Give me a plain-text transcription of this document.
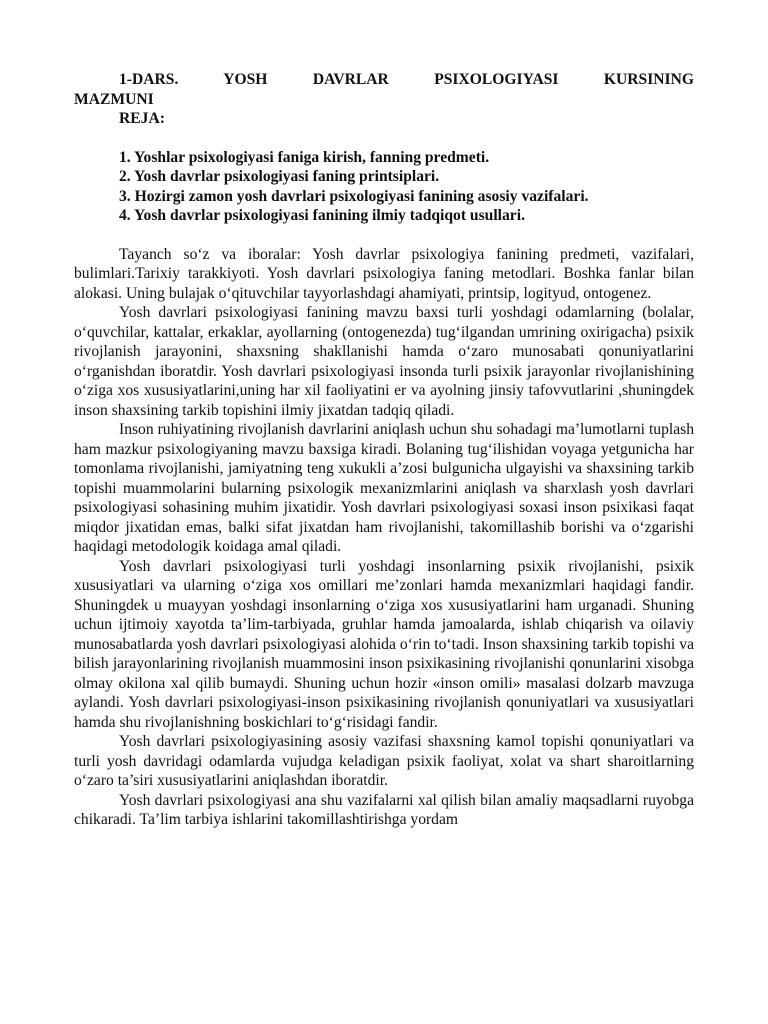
1-DARS. YOSH DAVRLAR PSIXOLOGIYASI KURSINING

MAZMUNI

REJA:

1. Yoshlar psixologiyasi faniga kirish, fanning predmeti.
2. Yosh davrlar psixologiyasi faning printsiplari.
3. Hozirgi zamon yosh davrlari psixologiyasi fanining asosiy vazifalari.
4. Yosh davrlar psixologiyasi fanining ilmiy tadqiqot usullari.

Tayanch so‘z va iboralar: Yosh davrlar psixologiya fanining predmeti, vazifalari, bulimlari.Tarixiy tarakkiyoti. Yosh davrlari psixologiya faning metodlari. Boshka fanlar bilan alokasi. Uning bulajak o‘qituvchilar tayyorlashdagi ahamiyati, printsip, logityud, ontogenez.

Yosh davrlari psixologiyasi fanining mavzu baxsi turli yoshdagi odamlarning (bolalar, o‘quvchilar, kattalar, erkaklar, ayollarning (ontogenezda) tug‘ilgandan umrining oxirigacha) psixik rivojlanish jarayonini, shaxsning shakllanishi hamda o‘zaro munosabati qonuniyatlarini o‘rganishdan iboratdir. Yosh davrlari psixologiyasi insonda turli psixik jarayonlar rivojlanishining o‘ziga xos xususiyatlarini,uning har xil faoliyatini er va ayolning jinsiy tafovvutlarini ,shuningdek inson shaxsining tarkib topishini ilmiy jixatdan tadqiq qiladi.

Inson ruhiyatining rivojlanish davrlarini aniqlash uchun shu sohadagi ma’lumotlarni tuplash ham mazkur psixologiyaning mavzu baxsiga kiradi. Bolaning tug‘ilishidan voyaga yetgunicha har tomonlama rivojlanishi, jamiyatning teng xukukli a’zosi bulgunicha ulgayishi va shaxsining tarkib topishi muammolarini bularning psixologik mexanizmlarini aniqlash va sharxlash yosh davrlari psixologiyasi sohasining muhim jixatidir. Yosh davrlari psixologiyasi soxasi inson psixikasi faqat miqdor jixatidan emas, balki sifat jixatdan ham rivojlanishi, takomillashib borishi va o‘zgarishi haqidagi metodologik koidaga amal qiladi.

Yosh davrlari psixologiyasi turli yoshdagi insonlarning psixik rivojlanishi, psixik xususiyatlari va ularning o‘ziga xos omillari me’zonlari hamda mexanizmlari haqidagi fandir. Shuningdek u muayyan yoshdagi insonlarning o‘ziga xos xususiyatlarini ham urganadi. Shuning uchun ijtimoiy xayotda ta’lim-tarbiyada, gruhlar hamda jamoalarda, ishlab chiqarish va oilaviy munosabatlarda yosh davrlari psixologiyasi alohida o‘rin to‘tadi. Inson shaxsining tarkib topishi va bilish jarayonlarining rivojlanish muammosini inson psixikasining rivojlanishi qonunlarini xisobga olmay okilona xal qilib bumaydi. Shuning uchun hozir «inson omili» masalasi dolzarb mavzuga aylandi. Yosh davrlari psixologiyasi-inson psixikasining rivojlanish qonuniyatlari va xususiyatlari hamda shu rivojlanishning boskichlari to‘g‘risidagi fandir.

Yosh davrlari psixologiyasining asosiy vazifasi shaxsning kamol topishi qonuniyatlari va turli yosh davridagi odamlarda vujudga keladigan psixik faoliyat, xolat va shart sharoitlarning o‘zaro ta’siri xususiyatlarini aniqlashdan iboratdir.

Yosh davrlari psixologiyasi ana shu vazifalarni xal qilish bilan amaliy maqsadlarni ruyobga chikaradi. Ta’lim tarbiya ishlarini takomillashtirishga yordam
